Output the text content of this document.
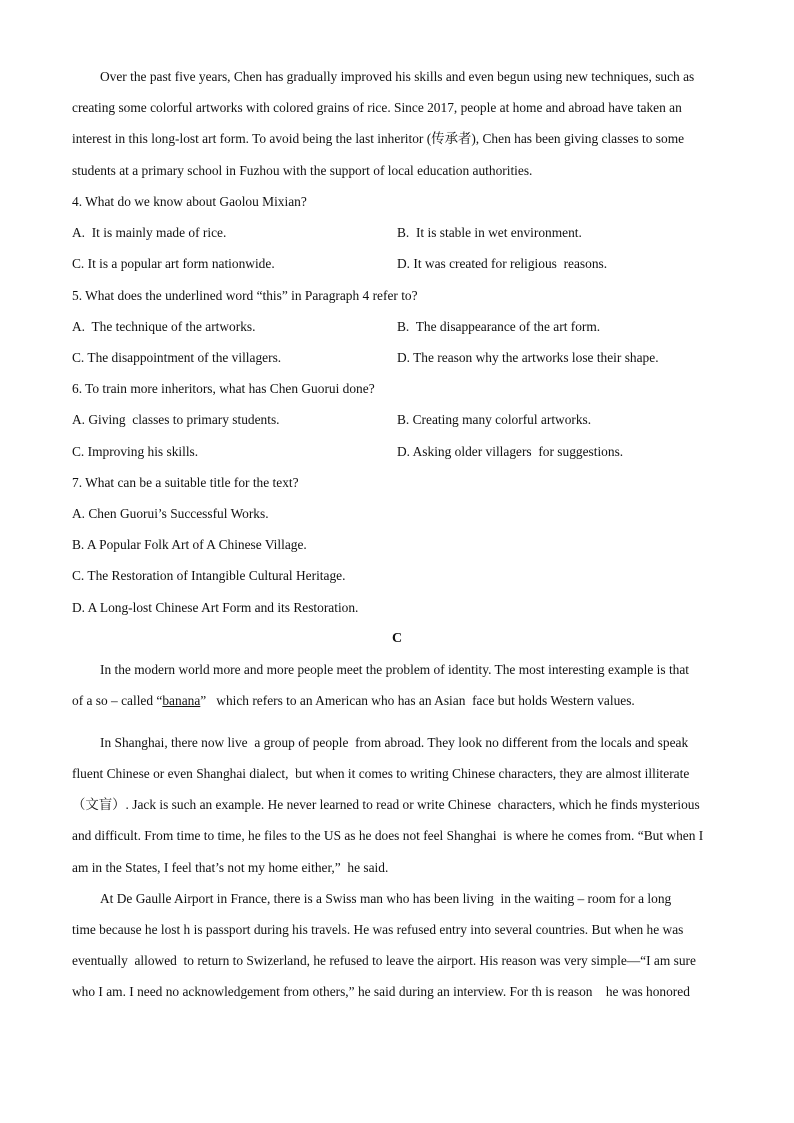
Over the past five years, Chen has gradually improved his skills and even begun using new techniques, such as
creating some colorful artworks with colored grains of rice. Since 2017, people at home and abroad have taken an
interest in this long-lost art form. To avoid being the last inheritor (传承者), Chen has been giving classes to some
students at a primary school in Fuzhou with the support of local education authorities.
4. What do we know about Gaolou Mixian?
A.  It is mainly made of rice.	B.  It is stable in wet environment.
C. It is a popular art form nationwide.	D. It was created for religious  reasons.
5. What does the underlined word “this” in Paragraph 4 refer to?
A.  The technique of the artworks.	B.  The disappearance of the art form.
C. The disappointment of the villagers.	D. The reason why the artworks lose their shape.
6. To train more inheritors, what has Chen Guorui done?
A. Giving  classes to primary students.	B. Creating many colorful artworks.
C. Improving his skills.	D. Asking older villagers  for suggestions.
7. What can be a suitable title for the text?
A. Chen Guorui’s Successful Works.
B. A Popular Folk Art of A Chinese Village.
C. The Restoration of Intangible Cultural Heritage.
D. A Long-lost Chinese Art Form and its Restoration.
C
In the modern world more and more people meet the problem of identity. The most interesting example is that
of a so – called “banana”   which refers to an American who has an Asian  face but holds Western values.
In Shanghai, there now live  a group of people  from abroad. They look no different from the locals and speak
fluent Chinese or even Shanghai dialect,  but when it comes to writing Chinese characters, they are almost illiterate
（文盲）. Jack is such an example. He never learned to read or write Chinese  characters, which he finds mysterious
and difficult. From time to time, he files to the US as he does not feel Shanghai  is where he comes from. “But when I
am in the States, I feel that’s not my home either,”  he said.
At De Gaulle Airport in France, there is a Swiss man who has been living  in the waiting – room for a long
time because he lost h is passport during his travels. He was refused entry into several countries. But when he was
eventually  allowed  to return to Swizerland, he refused to leave the airport. His reason was very simple—“I am sure
who I am. I need no acknowledgement from others,” he said during an interview. For th is reason    he was honored
